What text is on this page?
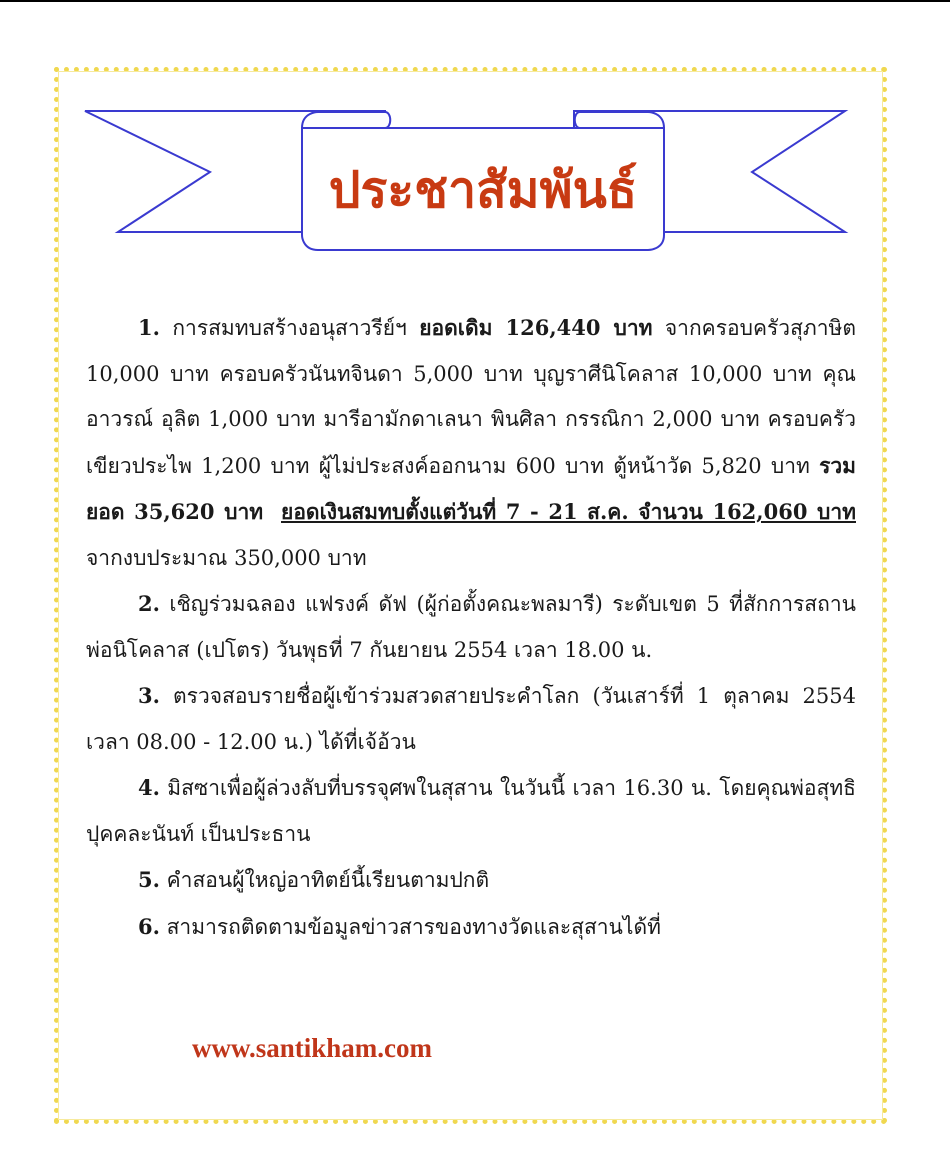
ประชาสัมพันธ์

1. การสมทบสร้างอนุสาวรีย์ฯ ยอดเดิม 126,440 บาท จากครอบครัวสุภาษิต 10,000 บาท ครอบครัวนันทจินดา 5,000 บาท บุญราศีนิโคลาส 10,000 บาท คุณอาวรณ์ อุลิต 1,000 บาท มารีอามักดาเลนา พินศิลา กรรณิกา 2,000 บาท ครอบครัวเขียวประไพ 1,200 บาท ผู้ไม่ประสงค์ออกนาม 600 บาท ตู้หน้าวัด 5,820 บาท รวมยอด 35,620 บาท ยอดเงินสมทบตั้งแต่วันที่ 7 - 21 ส.ค. จำนวน 162,060 บาท จากงบประมาณ 350,000 บาท

2. เชิญร่วมฉลอง แฟรงค์ ดัฟ (ผู้ก่อตั้งคณะพลมารี) ระดับเขต 5 ที่สักการสถานพ่อนิโคลาส (เปโตร) วันพุธที่ 7 กันยายน 2554 เวลา 18.00 น.

3. ตรวจสอบรายชื่อผู้เข้าร่วมสวดสายประคำโลก (วันเสาร์ที่ 1 ตุลาคม 2554 เวลา 08.00 - 12.00 น.) ได้ที่เจ้อ้วน

4. มิสซาเพื่อผู้ล่วงลับที่บรรจุศพในสุสาน ในวันนี้ เวลา 16.30 น. โดยคุณพ่อสุทธิ ปุคคละนันท์ เป็นประธาน

5. คำสอนผู้ใหญ่อาทิตย์นี้เรียนตามปกติ

6. สามารถติดตามข้อมูลข่าวสารของทางวัดและสุสานได้ที่

www.santikham.com
